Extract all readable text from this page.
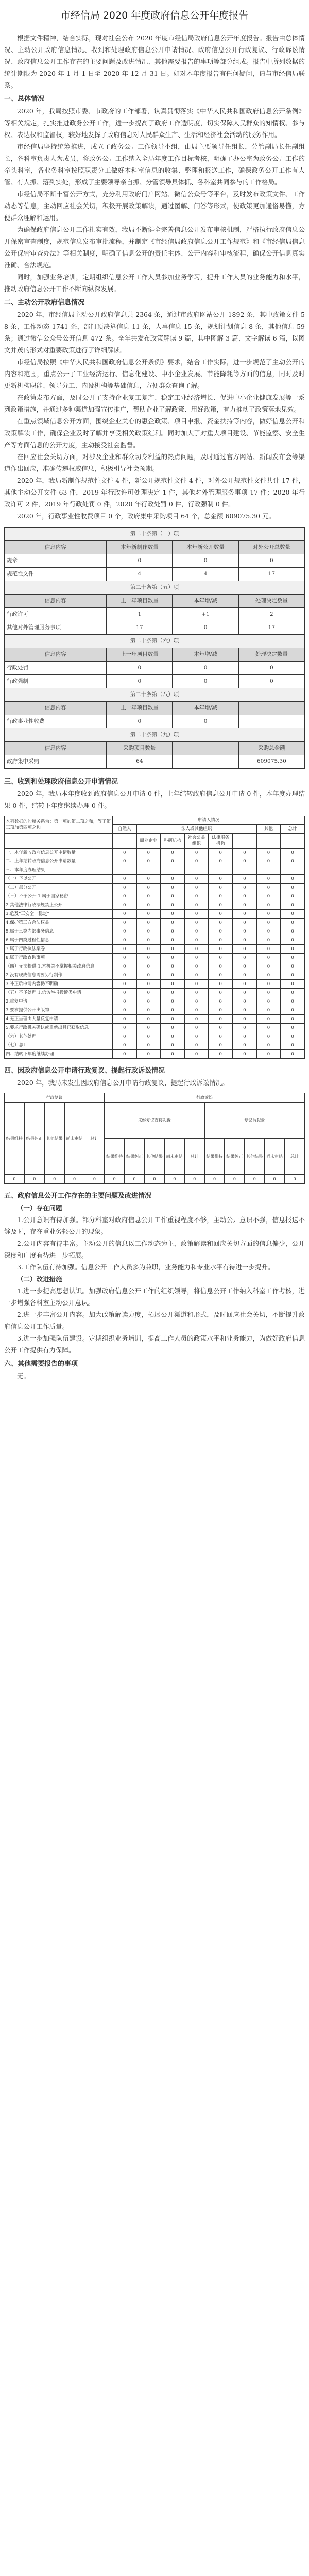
市经信局 2020 年度政府信息公开年度报告

根据文件精神，结合实际，现对社会公布 2020 年度市经信局政府信息公开年度报告。报告由总体情况、主动公开政府信息情况、收到和处理政府信息公开申请情况、政府信息公开行政复议、行政诉讼情况、政府信息公开工作存在的主要问题及改进情况、其他需要报告的事项等部分组成。报告中所列数据的统计期限为 2020 年 1 月 1 日至 2020 年 12 月 31 日。如对本年度报告有任何疑问，请与市经信局联系。

一、总体情况

2020 年，我局按照市委、市政府的工作部署，认真贯彻落实《中华人民共和国政府信息公开条例》等相关规定，扎实推进政务公开工作，进一步提高了政府工作透明度，切实保障人民群众的知情权、参与权、表达权和监督权，较好地发挥了政府信息对人民群众生产、生活和经济社会活动的服务作用。

市经信局坚持统筹推进，成立了政务公开工作领导小组，由局主要领导任组长，分管副局长任副组长，各科室负责人为成员，将政务公开工作纳入全局年度工作目标考核，明确了办公室为政务公开工作的牵头科室，各业务科室按照职责分工做好本科室信息的收集、整理和报送工作，确保政务公开工作有人管、有人抓、落到实处，形成了主要领导亲自抓、分管领导具体抓、各科室共同参与的工作格局。

市经信局不断丰富公开方式，充分利用政府门户网站、微信公众号等平台，及时发布政策文件、工作动态等信息，主动回应社会关切，积极开展政策解读，通过图解、问答等形式，使政策更加通俗易懂，方便群众理解和运用。

为确保政府信息公开工作扎实有效，我局不断健全完善信息公开发布审核机制，严格执行政府信息公开保密审查制度，规范信息发布审批流程，并制定《市经信局政府信息公开工作规范》和《市经信局信息公开保密审查办法》等相关制度，明确了信息公开的责任主体、公开内容和审核流程，确保公开信息真实准确、合法规范。

同时，加强业务培训，定期组织信息公开工作人员参加业务学习，提升工作人员的业务能力和水平，推动政府信息公开工作不断向纵深发展。

二、主动公开政府信息情况

2020 年，市经信局主动公开政府信息共 2364 条，通过市政府网站公开 1892 条，其中政策文件 58 条，工作动态 1741 条，部门预决算信息 11 条，人事信息 15 条，规划计划信息 8 条，其他信息 59 条；通过微信公众号公开信息 472 条。全年共发布政策解读 9 篇，其中图解 3 篇、文字解读 6 篇，以图文并茂的形式对重要政策进行了详细解读。

市经信局按照《中华人民共和国政府信息公开条例》要求，结合工作实际，进一步规范了主动公开的内容和范围，重点公开了工业经济运行、信息化建设、中小企业发展、节能降耗等方面的信息，同时及时更新机构职能、领导分工、内设机构等基础信息，方便群众查询了解。

在政策发布方面，及时公开了支持企业复工复产、稳定工业经济增长、促进中小企业健康发展等一系列政策措施，并通过多种渠道加强宣传推广，帮助企业了解政策、用好政策，有力推动了政策落地见效。

在重点领域信息公开方面，围绕企业关心的惠企政策、项目申报、资金扶持等内容，做好信息公开和政策解读工作，确保企业及时了解并享受相关政策红利。同时加大了对重大项目建设、节能监察、安全生产等方面信息的公开力度，主动接受社会监督。

在回应社会关切方面，对涉及企业和群众切身利益的热点问题，及时通过官方网站、新闻发布会等渠道作出回应，准确传递权威信息，积极引导社会预期。

2020 年，我局新制作规范性文件 4 件，新公开规范性文件 4 件，对外公开规范性文件共计 17 件，其他主动公开文件 63 件，2019 年行政许可处理决定 1 件，其他对外管理服务事项 17 件；2020 年行政许可 2 件，2019 年行政处罚 0 件，2020 年行政处罚 0 件，行政强制 0 件。

2020 年，行政事业性收费项目 0 个，政府集中采购项目 64 个，总金额 609075.30 元。

第二十条第（一）项			
信息内容	本年新制作数量	本年新公开数量	对外公开总数量
规章	0	0	0
规范性文件	4	4	17
第二十条第（五）项			
信息内容	上一年项目数量	本年增/减	处理决定数量
行政许可	1	+1	2
其他对外管理服务事项	17	0	17
第二十条第（六）项			
信息内容	上一年项目数量	本年增/减	处理决定数量
行政处罚	0	0	0
行政强制	0	0	0
第二十条第（八）项			
信息内容	上一年项目数量	本年增/减	
行政事业性收费	0	0	
第二十条第（九）项			
信息内容	采购项目数量		采购总金额
政府集中采购	64		609075.30

三、收到和处理政府信息公开申请情况

2020 年，我局本年度收到政府信息公开申请 0 件，上年结转政府信息公开申请 0 件，本年度办理结果 0 件，结转下年度继续办理 0 件。

本列数据的勾稽关系为：第一项加第二项之和，等于第三项加第四项之和	申请人情况							
	自然人	法人或其他组织					其他	总计
		商业企业	科研机构	社会公益组织	法律服务机构			
一、本年新收政府信息公开申请数量	0	0	0	0	0	0	0	0
二、上年结转政府信息公开申请数量	0	0	0	0	0	0	0	0
三、本年度办理结果								
（一）予以公开	0	0	0	0	0	0	0	0
（二）部分公开	0	0	0	0	0	0	0	0
（三）不予公开 1.属于国家秘密	0	0	0	0	0	0	0	0
2.其他法律行政法规禁止公开	0	0	0	0	0	0	0	0
3.危及“三安全一稳定”	0	0	0	0	0	0	0	0
4.保护第三方合法权益	0	0	0	0	0	0	0	0
5.属于三类内部事务信息	0	0	0	0	0	0	0	0
6.属于四类过程性信息	0	0	0	0	0	0	0	0
7.属于行政执法案卷	0	0	0	0	0	0	0	0
8.属于行政查询事项	0	0	0	0	0	0	0	0
（四）无法提供 1.本机关不掌握相关政府信息	0	0	0	0	0	0	0	0
2.没有现成信息需要另行制作	0	0	0	0	0	0	0	0
3.补正后申请内容仍不明确	0	0	0	0	0	0	0	0
（五）不予处理 1.信访举报投诉类申请	0	0	0	0	0	0	0	0
2.重复申请	0	0	0	0	0	0	0	0
3.要求提供公开出版物	0	0	0	0	0	0	0	0
4.无正当理由大量反复申请	0	0	0	0	0	0	0	0
5.要求行政机关确认或重新出具已获取信息	0	0	0	0	0	0	0	0
（六）其他处理	0	0	0	0	0	0	0	0
（七）总计	0	0	0	0	0	0	0	0
四、结转下年度继续办理	0	0	0	0	0	0	0	0

四、因政府信息公开申请行政复议、提起行政诉讼情况

2020 年，我局未发生因政府信息公开申请行政复议、提起行政诉讼情况。

行政复议					行政诉讼									
结果维持	结果纠正	其他结果	尚未审结	总计	未经复议直接起诉					复议后起诉				
					结果维持	结果纠正	其他结果	尚未审结	总计	结果维持	结果纠正	其他结果	尚未审结	总计
0	0	0	0	0	0	0	0	0	0	0	0	0	0	0

五、政府信息公开工作存在的主要问题及改进情况

（一）存在问题

1.公开意识有待加强。部分科室对政府信息公开工作重视程度不够，主动公开意识不强，信息报送不够及时，存在重业务轻公开的现象。

2.公开内容有待丰富。主动公开的信息以工作动态为主，政策解读和回应关切方面的信息偏少，公开深度和广度有待进一步拓展。

3.工作队伍有待加强。信息公开工作人员多为兼职，业务能力和专业水平有待进一步提升。

（二）改进措施

1.进一步提高思想认识。加强政府信息公开工作的组织领导，将信息公开工作纳入科室工作考核，进一步增强各科室主动公开意识。

2.进一步丰富公开内容。加大政策解读力度，拓展公开渠道和形式，及时回应社会关切，不断提升政府信息公开工作质量。

3.进一步加强队伍建设。定期组织业务培训，提高工作人员的政策水平和业务能力，为做好政府信息公开工作提供有力保障。

六、其他需要报告的事项

无。
